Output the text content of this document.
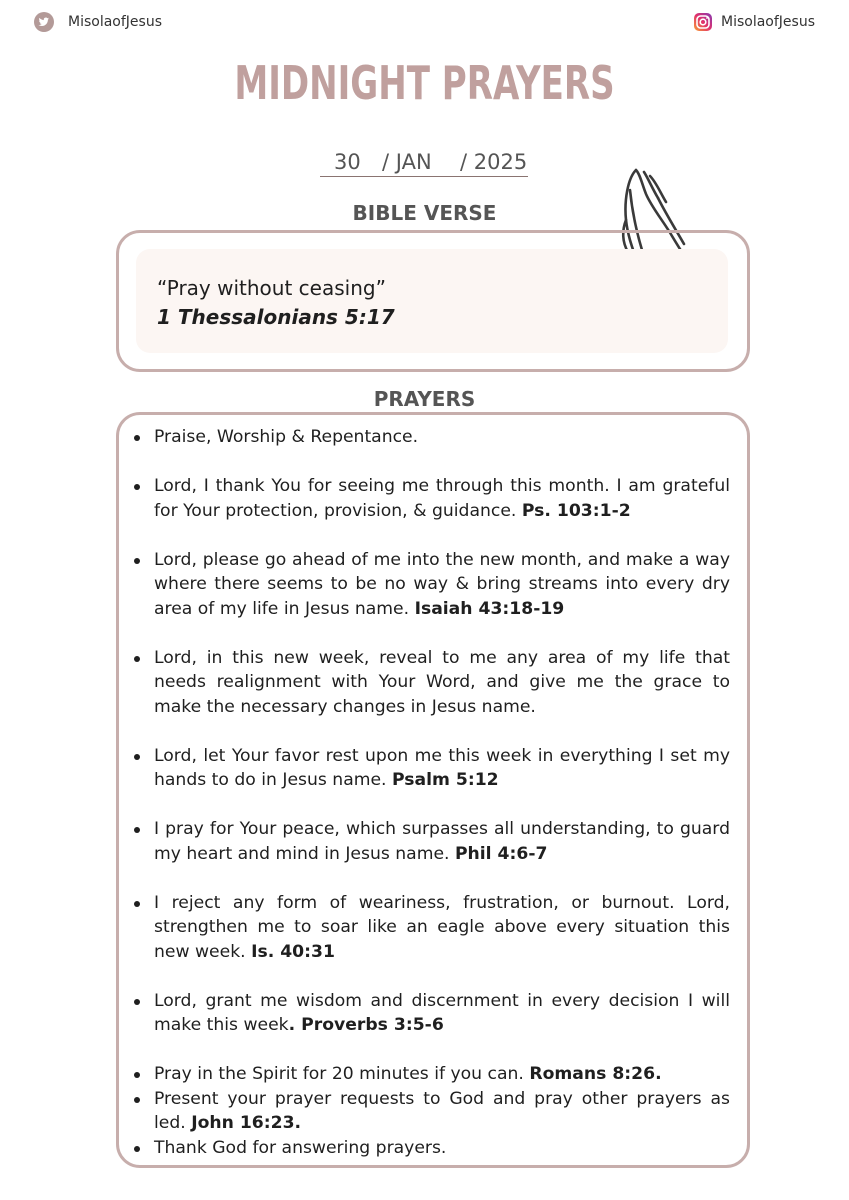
MisolaofJesus	MisolaofJesus
MIDNIGHT PRAYERS
30 / JAN / 2025
BIBLE VERSE
“Pray without ceasing”
1 Thessalonians 5:17
PRAYERS
Praise, Worship & Repentance.
Lord, I thank You for seeing me through this month. I am grateful for Your protection, provision, & guidance. Ps. 103:1-2
Lord, please go ahead of me into the new month, and make a way where there seems to be no way & bring streams into every dry area of my life in Jesus name. Isaiah 43:18-19
Lord, in this new week, reveal to me any area of my life that needs realignment with Your Word, and give me the grace to make the necessary changes in Jesus name.
Lord, let Your favor rest upon me this week in everything I set my hands to do in Jesus name. Psalm 5:12
I pray for Your peace, which surpasses all understanding, to guard my heart and mind in Jesus name. Phil 4:6-7
I reject any form of weariness, frustration, or burnout. Lord, strengthen me to soar like an eagle above every situation this new week. Is. 40:31
Lord, grant me wisdom and discernment in every decision I will make this week. Proverbs 3:5-6
Pray in the Spirit for 20 minutes if you can. Romans 8:26.
Present your prayer requests to God and pray other prayers as led. John 16:23.
Thank God for answering prayers.
